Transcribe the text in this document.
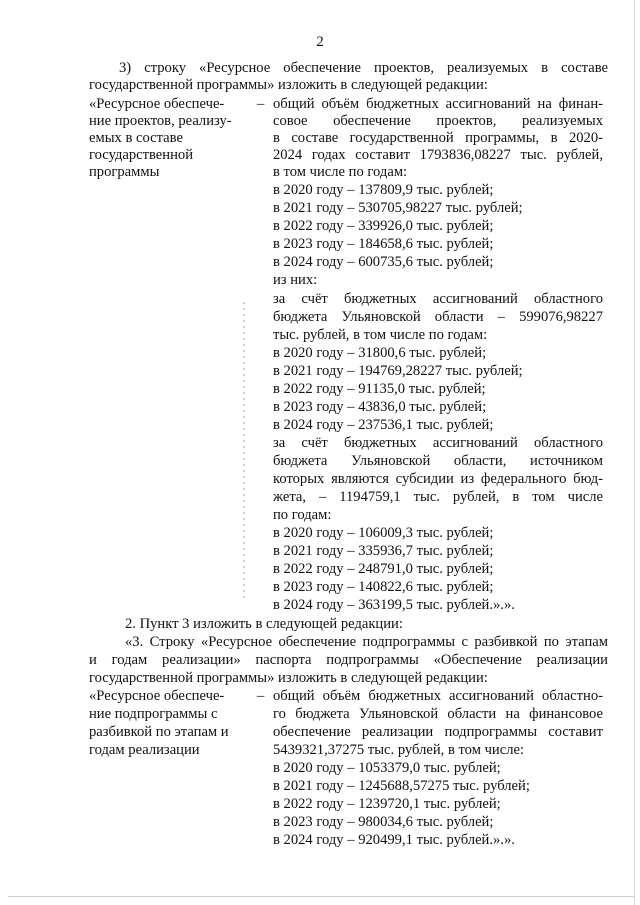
2
3) строку «Ресурсное обеспечение проектов, реализуемых в составе
государственной программы» изложить в следующей редакции:
«Ресурсное обеспече-
ние проектов, реализу-
емых в составе
государственной
программы
– общий объём бюджетных ассигнований на финан-
совое обеспечение проектов, реализуемых
в составе государственной программы, в 2020-
2024 годах составит 1793836,08227 тыс. рублей,
в том числе по годам:
в 2020 году – 137809,9 тыс. рублей;
в 2021 году – 530705,98227 тыс. рублей;
в 2022 году – 339926,0 тыс. рублей;
в 2023 году – 184658,6 тыс. рублей;
в 2024 году – 600735,6 тыс. рублей;
из них:
за счёт бюджетных ассигнований областного
бюджета Ульяновской области – 599076,98227
тыс. рублей, в том числе по годам:
в 2020 году – 31800,6 тыс. рублей;
в 2021 году – 194769,28227 тыс. рублей;
в 2022 году – 91135,0 тыс. рублей;
в 2023 году – 43836,0 тыс. рублей;
в 2024 году – 237536,1 тыс. рублей;
за счёт бюджетных ассигнований областного
бюджета Ульяновской области, источником
которых являются субсидии из федерального бюд-
жета, – 1194759,1 тыс. рублей, в том числе
по годам:
в 2020 году – 106009,3 тыс. рублей;
в 2021 году – 335936,7 тыс. рублей;
в 2022 году – 248791,0 тыс. рублей;
в 2023 году – 140822,6 тыс. рублей;
в 2024 году – 363199,5 тыс. рублей.».».
2. Пункт 3 изложить в следующей редакции:
«3. Строку «Ресурсное обеспечение подпрограммы с разбивкой по этапам
и годам реализации» паспорта подпрограммы «Обеспечение реализации
государственной программы» изложить в следующей редакции:
«Ресурсное обеспече-
ние подпрограммы с
разбивкой по этапам и
годам реализации
– общий объём бюджетных ассигнований областно-
го бюджета Ульяновской области на финансовое
обеспечение реализации подпрограммы составит
5439321,37275 тыс. рублей, в том числе:
в 2020 году – 1053379,0 тыс. рублей;
в 2021 году – 1245688,57275 тыс. рублей;
в 2022 году – 1239720,1 тыс. рублей;
в 2023 году – 980034,6 тыс. рублей;
в 2024 году – 920499,1 тыс. рублей.».».
